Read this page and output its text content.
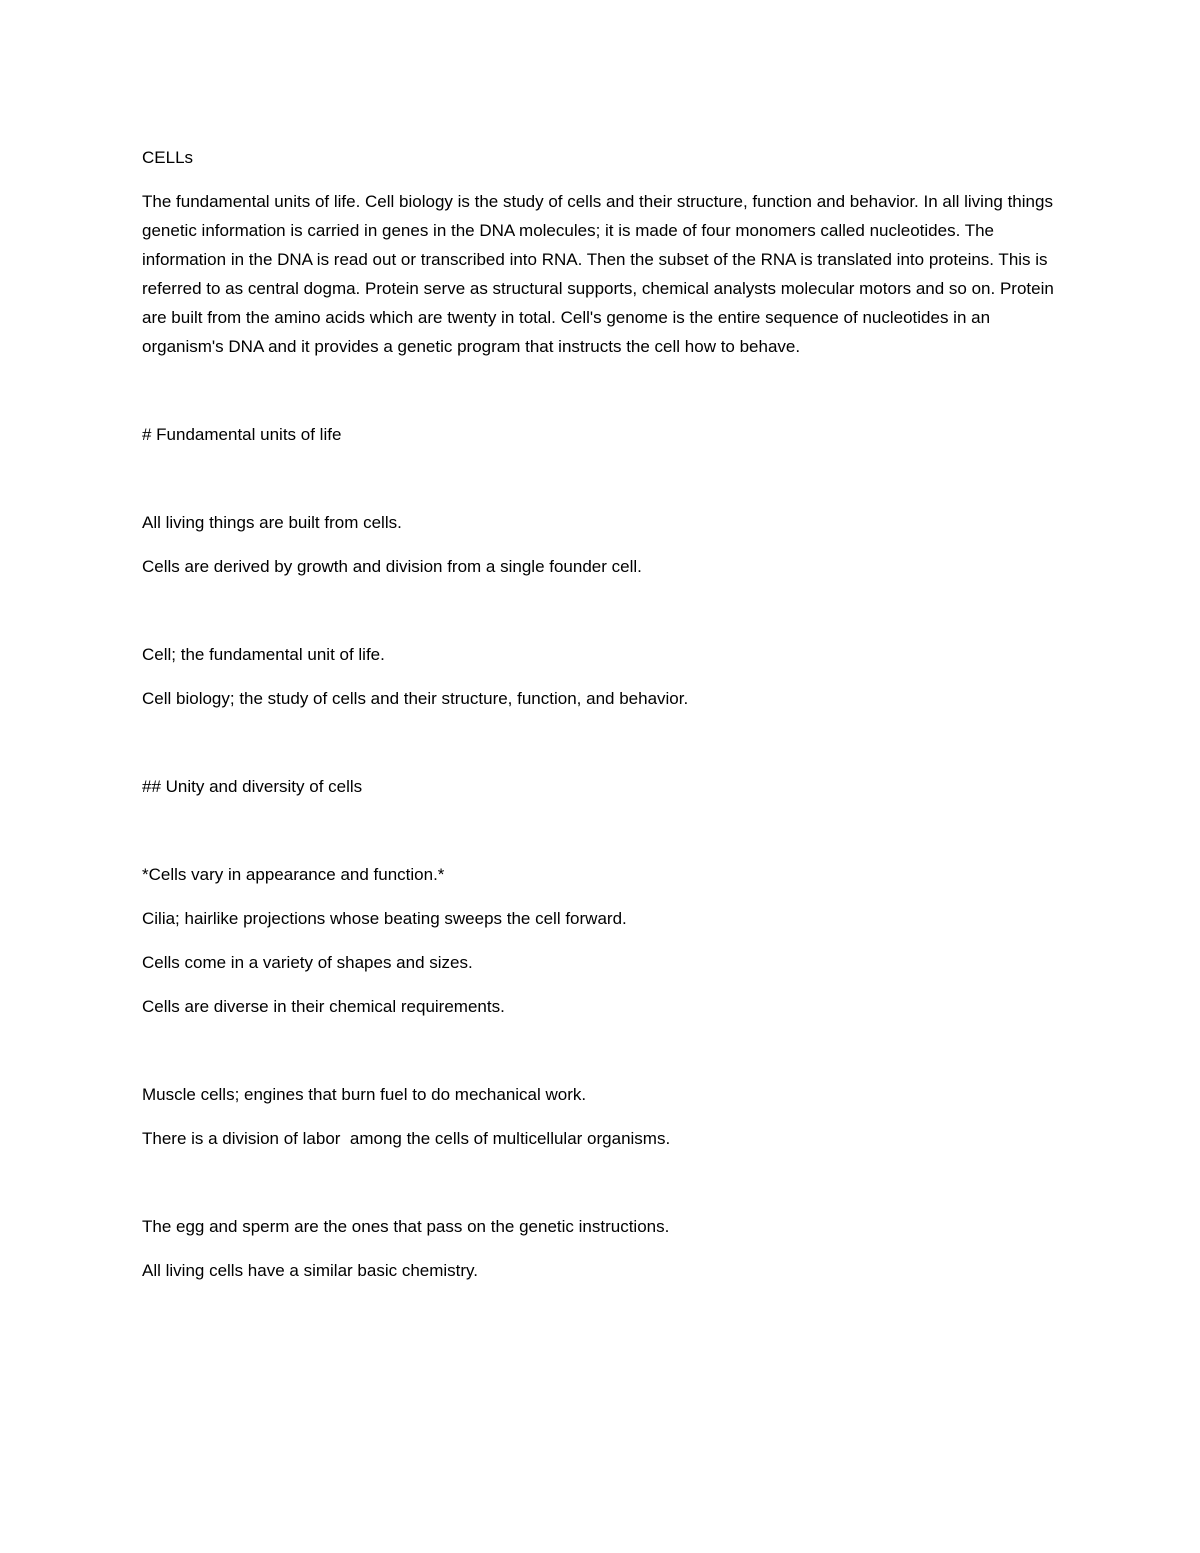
CELLs

The fundamental units of life. Cell biology is the study of cells and their structure, function and behavior. In all living things genetic information is carried in genes in the DNA molecules; it is made of four monomers called nucleotides. The information in the DNA is read out or transcribed into RNA. Then the subset of the RNA is translated into proteins. This is referred to as central dogma. Protein serve as structural supports, chemical analysts molecular motors and so on. Protein are built from the amino acids which are twenty in total. Cell's genome is the entire sequence of nucleotides in an organism's DNA and it provides a genetic program that instructs the cell how to behave.

# Fundamental units of life

All living things are built from cells.

Cells are derived by growth and division from a single founder cell.

Cell; the fundamental unit of life.

Cell biology; the study of cells and their structure, function, and behavior.

## Unity and diversity of cells

*Cells vary in appearance and function.*

Cilia; hairlike projections whose beating sweeps the cell forward.

Cells come in a variety of shapes and sizes.

Cells are diverse in their chemical requirements.

Muscle cells; engines that burn fuel to do mechanical work.

There is a division of labor  among the cells of multicellular organisms.

The egg and sperm are the ones that pass on the genetic instructions.

All living cells have a similar basic chemistry.
